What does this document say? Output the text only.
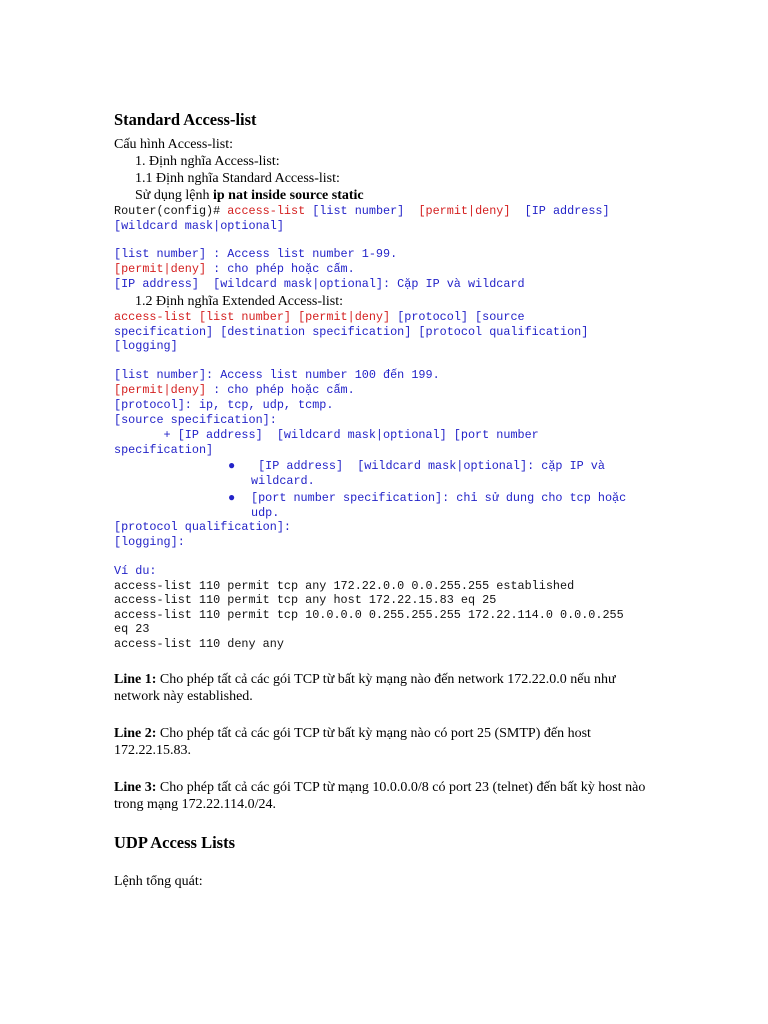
Standard Access-list

Cấu hình Access-list:

1. Định nghĩa Access-list:

1.1 Định nghĩa Standard Access-list:

Sử dụng lệnh ip nat inside source static

Router(config)# access-list [list number]  [permit|deny]  [IP address]

[wildcard mask|optional]

[list number] : Access list number 1-99.

[permit|deny] : cho phép hoặc cấm.

[IP address]  [wildcard mask|optional]: Cặp IP và wildcard

1.2 Định nghĩa Extended Access-list:

access-list [list number] [permit|deny] [protocol] [source

specification] [destination specification] [protocol qualification]

[logging]

[list number]: Access list number 100 đến 199.

[permit|deny] : cho phép hoặc cấm.

[protocol]: ip, tcp, udp, tcmp.

[source specification]:

+ [IP address]  [wildcard mask|optional] [port number

specification]

● [IP address]  [wildcard mask|optional]: cặp IP và

wildcard.

● [port number specification]: chỉ sử dung cho tcp hoặc

udp.

[protocol qualification]:

[logging]:

Ví du:

access-list 110 permit tcp any 172.22.0.0 0.0.255.255 established

access-list 110 permit tcp any host 172.22.15.83 eq 25

access-list 110 permit tcp 10.0.0.0 0.255.255.255 172.22.114.0 0.0.0.255

eq 23

access-list 110 deny any

Line 1: Cho phép tất cả các gói TCP từ bất kỳ mạng nào đến network 172.22.0.0 nếu như network này established.

Line 2: Cho phép tất cả các gói TCP từ bất kỳ mạng nào có port 25 (SMTP) đến host 172.22.15.83.

Line 3: Cho phép tất cả các gói TCP từ mạng 10.0.0.0/8 có port 23 (telnet) đến bất kỳ host nào trong mạng 172.22.114.0/24.

UDP Access Lists

Lệnh tổng quát:
